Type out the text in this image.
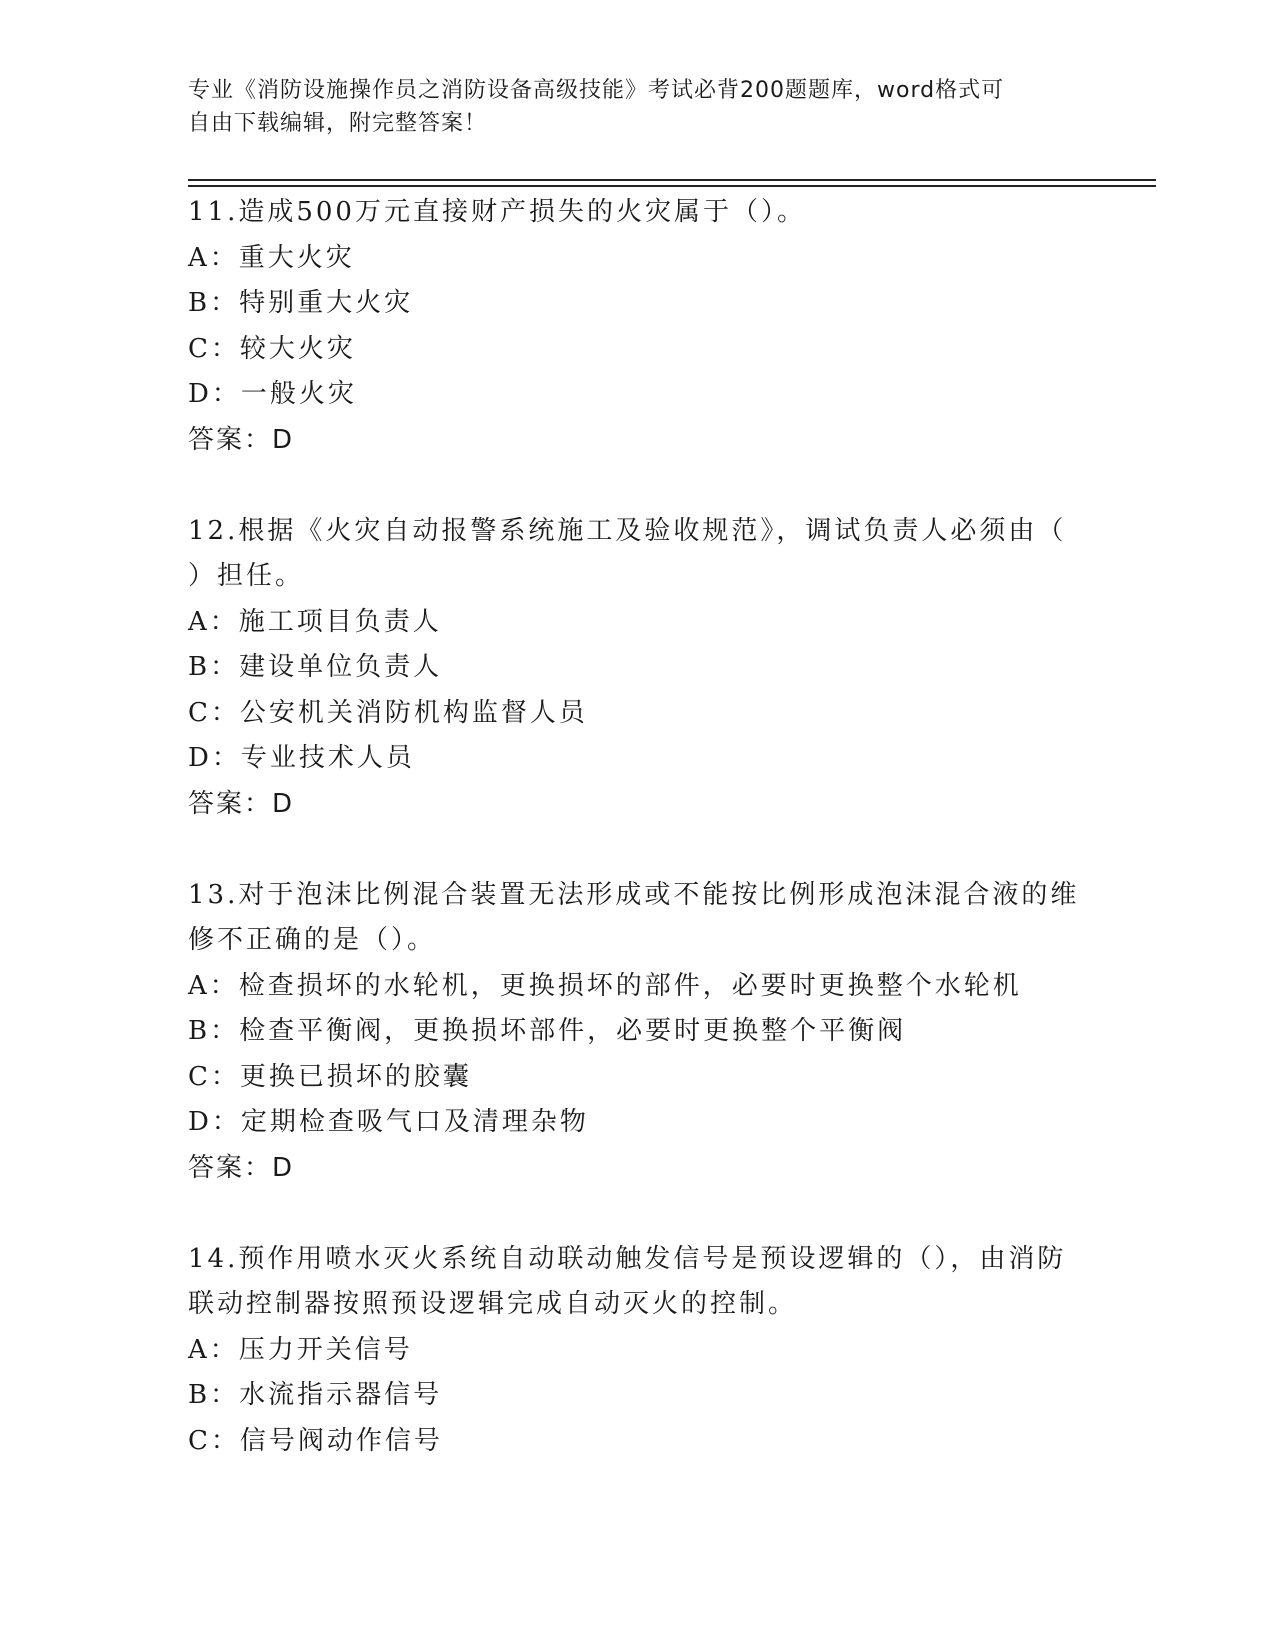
专业《消防设施操作员之消防设备高级技能》考试必背200题题库，word格式可
自由下载编辑，附完整答案！

11.造成500万元直接财产损失的火灾属于（）。

A：重大火灾

B：特别重大火灾

C：较大火灾

D：一般火灾

答案：D

12.根据《火灾自动报警系统施工及验收规范》，调试负责人必须由（

）担任。

A：施工项目负责人

B：建设单位负责人

C：公安机关消防机构监督人员

D：专业技术人员

答案：D

13.对于泡沫比例混合装置无法形成或不能按比例形成泡沫混合液的维

修不正确的是（）。

A：检查损坏的水轮机，更换损坏的部件，必要时更换整个水轮机

B：检查平衡阀，更换损坏部件，必要时更换整个平衡阀

C：更换已损坏的胶囊

D：定期检查吸气口及清理杂物

答案：D

14.预作用喷水灭火系统自动联动触发信号是预设逻辑的（），由消防

联动控制器按照预设逻辑完成自动灭火的控制。

A：压力开关信号

B：水流指示器信号

C：信号阀动作信号
